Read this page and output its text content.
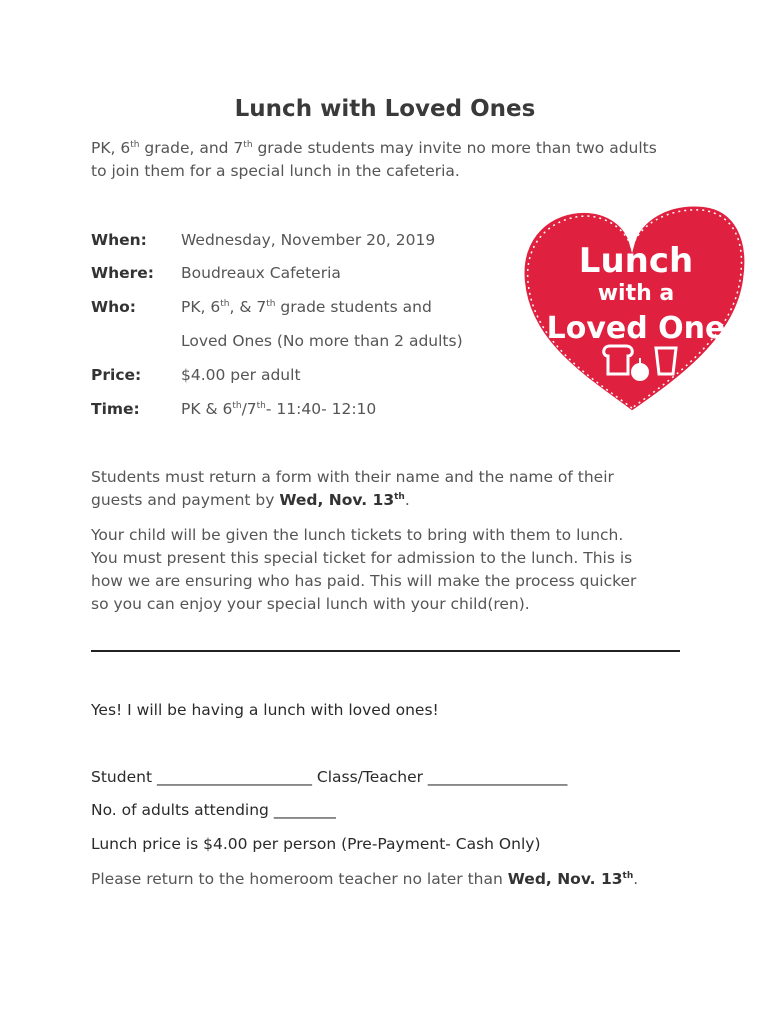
Lunch with Loved Ones
PK, 6th grade, and 7th grade students may invite no more than two adults
to join them for a special lunch in the cafeteria.
When: Wednesday, November 20, 2019
Where: Boudreaux Cafeteria
Who:	PK, 6th, & 7th grade students and
Loved Ones (No more than 2 adults)
Price:	$4.00 per adult
Time:	PK & 6th/7th- 11:40- 12:10
Lunch
with a
Loved One
Students must return a form with their name and the name of their
guests and payment by Wed, Nov. 13th.
Your child will be given the lunch tickets to bring with them to lunch.
You must present this special ticket for admission to the lunch. This is
how we are ensuring who has paid. This will make the process quicker
so you can enjoy your special lunch with your child(ren).
Yes! I will be having a lunch with loved ones!
Student ____________________ Class/Teacher __________________
No. of adults attending ________
Lunch price is $4.00 per person (Pre-Payment- Cash Only)
Please return to the homeroom teacher no later than Wed, Nov. 13th.
